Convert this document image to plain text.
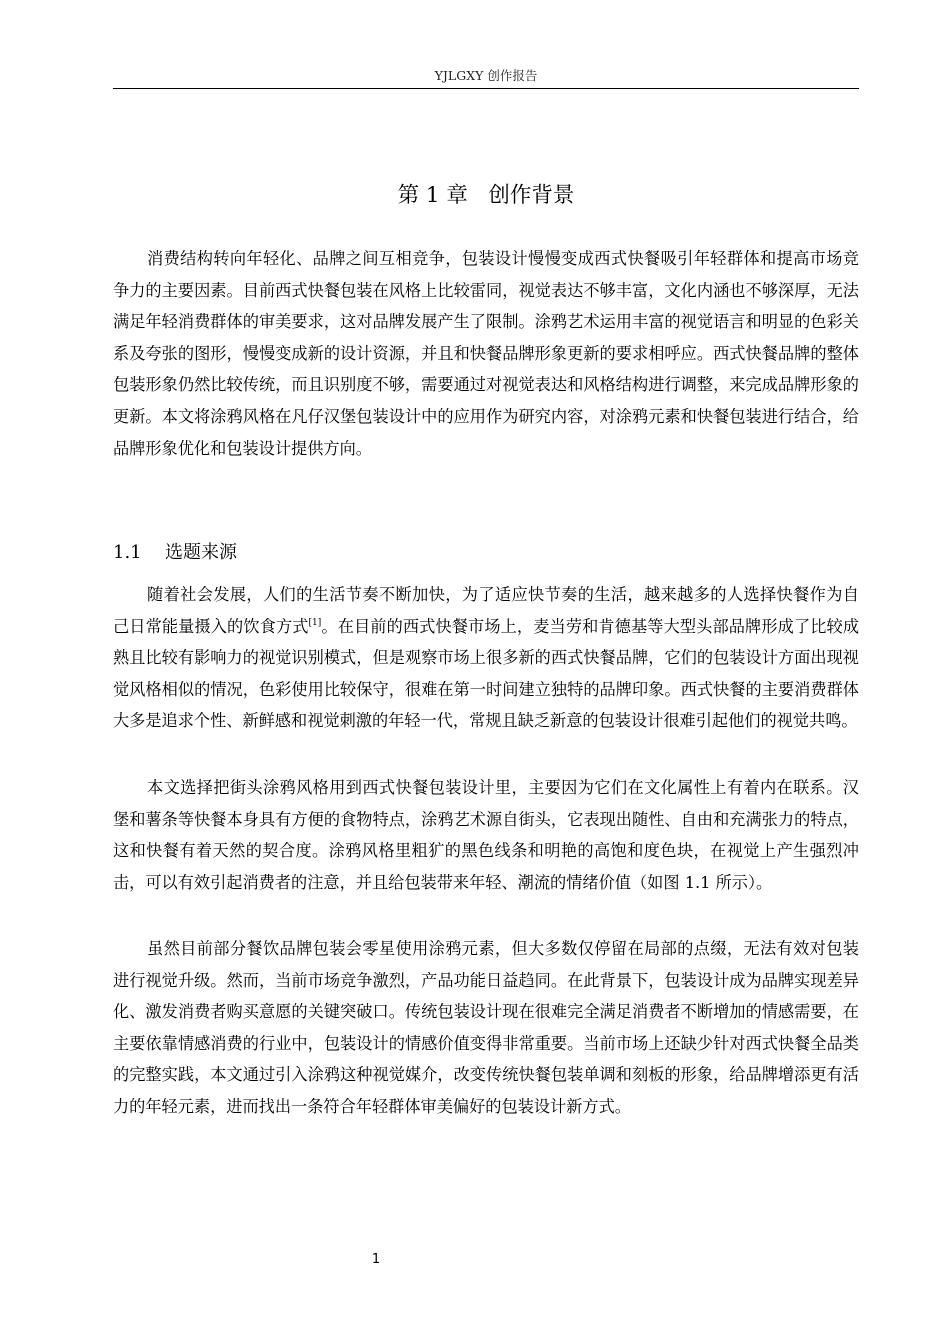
YJLGXY 创作报告
第 1 章   创作背景

消费结构转向年轻化、品牌之间互相竞争，包装设计慢慢变成西式快餐吸引年轻群体和提高市场竞争力的主要因素。目前西式快餐包装在风格上比较雷同，视觉表达不够丰富，文化内涵也不够深厚，无法满足年轻消费群体的审美要求，这对品牌发展产生了限制。涂鸦艺术运用丰富的视觉语言和明显的色彩关系及夸张的图形，慢慢变成新的设计资源，并且和快餐品牌形象更新的要求相呼应。西式快餐品牌的整体包装形象仍然比较传统，而且识别度不够，需要通过对视觉表达和风格结构进行调整，来完成品牌形象的更新。本文将涂鸦风格在凡仔汉堡包装设计中的应用作为研究内容，对涂鸦元素和快餐包装进行结合，给品牌形象优化和包装设计提供方向。

1.1 选题来源

随着社会发展，人们的生活节奏不断加快，为了适应快节奏的生活，越来越多的人选择快餐作为自己日常能量摄入的饮食方式[1]。在目前的西式快餐市场上，麦当劳和肯德基等大型头部品牌形成了比较成熟且比较有影响力的视觉识别模式，但是观察市场上很多新的西式快餐品牌，它们的包装设计方面出现视觉风格相似的情况，色彩使用比较保守，很难在第一时间建立独特的品牌印象。西式快餐的主要消费群体大多是追求个性、新鲜感和视觉刺激的年轻一代，常规且缺乏新意的包装设计很难引起他们的视觉共鸣。

本文选择把街头涂鸦风格用到西式快餐包装设计里，主要因为它们在文化属性上有着内在联系。汉堡和薯条等快餐本身具有方便的食物特点，涂鸦艺术源自街头，它表现出随性、自由和充满张力的特点，这和快餐有着天然的契合度。涂鸦风格里粗犷的黑色线条和明艳的高饱和度色块，在视觉上产生强烈冲击，可以有效引起消费者的注意，并且给包装带来年轻、潮流的情绪价值（如图 1.1 所示）。

虽然目前部分餐饮品牌包装会零星使用涂鸦元素，但大多数仅停留在局部的点缀，无法有效对包装进行视觉升级。然而，当前市场竞争激烈，产品功能日益趋同。在此背景下，包装设计成为品牌实现差异化、激发消费者购买意愿的关键突破口。传统包装设计现在很难完全满足消费者不断增加的情感需要，在主要依靠情感消费的行业中，包装设计的情感价值变得非常重要。当前市场上还缺少针对西式快餐全品类的完整实践，本文通过引入涂鸦这种视觉媒介，改变传统快餐包装单调和刻板的形象，给品牌增添更有活力的年轻元素，进而找出一条符合年轻群体审美偏好的包装设计新方式。

1
